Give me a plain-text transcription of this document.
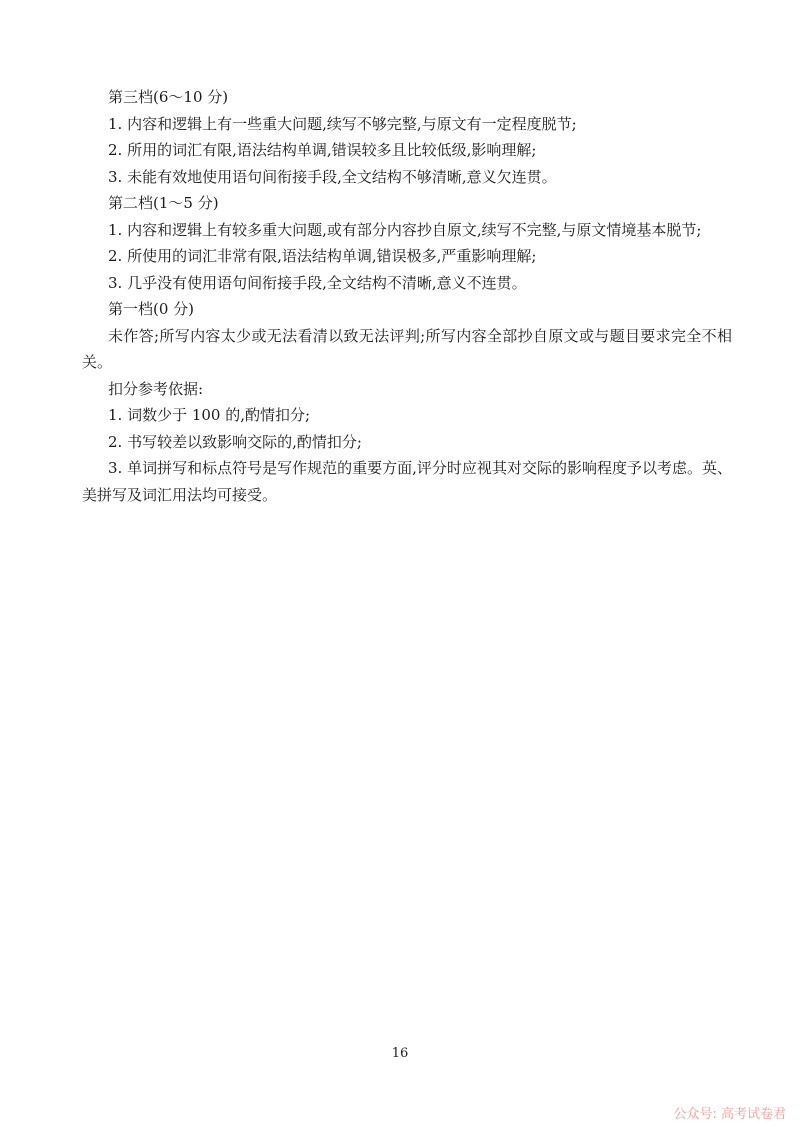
第三档(6～10 分)
1. 内容和逻辑上有一些重大问题,续写不够完整,与原文有一定程度脱节;
2. 所用的词汇有限,语法结构单调,错误较多且比较低级,影响理解;
3. 未能有效地使用语句间衔接手段,全文结构不够清晰,意义欠连贯。
第二档(1～5 分)
1. 内容和逻辑上有较多重大问题,或有部分内容抄自原文,续写不完整,与原文情境基本脱节;
2. 所使用的词汇非常有限,语法结构单调,错误极多,严重影响理解;
3. 几乎没有使用语句间衔接手段,全文结构不清晰,意义不连贯。
第一档(0 分)

未作答;所写内容太少或无法看清以致无法评判;所写内容全部抄自原文或与题目要求完全不相关。

扣分参考依据:
1. 词数少于 100 的,酌情扣分;
2. 书写较差以致影响交际的,酌情扣分;

3. 单词拼写和标点符号是写作规范的重要方面,评分时应视其对交际的影响程度予以考虑。英、美拼写及词汇用法均可接受。

16
公众号: 高考试卷君
